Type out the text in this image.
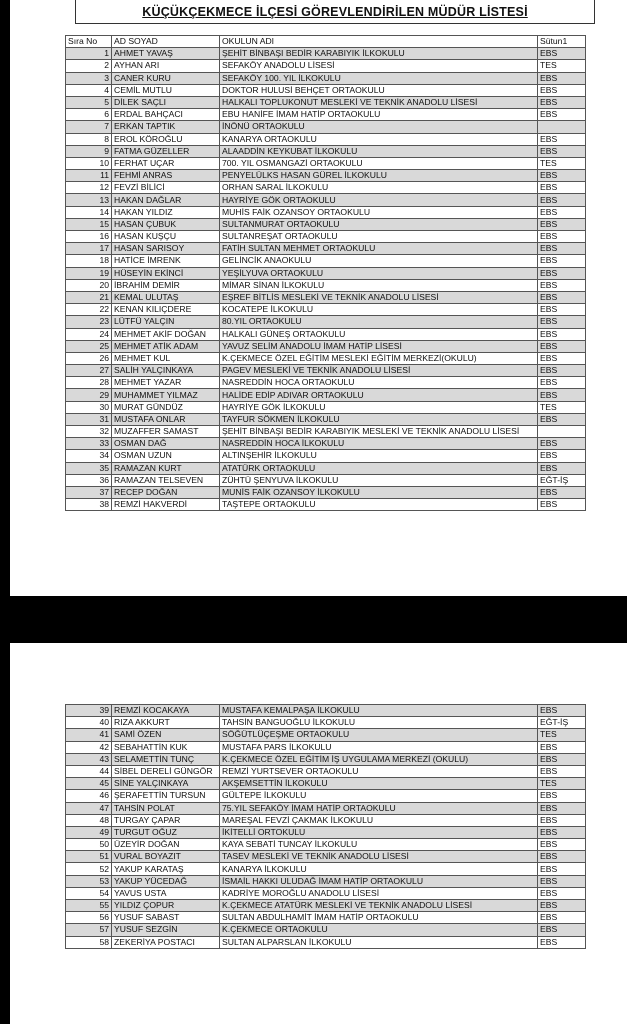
KÜÇÜKÇEKMECE İLÇESİ GÖREVLENDİRİLEN MÜDÜR LİSTESİ
Sıra No	AD SOYAD	OKULUN ADI	Sütun1
1	AHMET YAVAŞ	ŞEHİT BİNBAŞI BEDİR KARABIYIK İLKOKULU	EBS
2	AYHAN ARI	SEFAKÖY ANADOLU LİSESİ	TES
3	CANER KURU	SEFAKÖY 100. YIL İLKOKULU	EBS
4	CEMİL MUTLU	DOKTOR HULUSİ BEHÇET ORTAOKULU	EBS
5	DİLEK SAÇLI	HALKALI TOPLUKONUT MESLEKİ VE TEKNİK ANADOLU LİSESİ	EBS
6	ERDAL BAHÇACI	EBU HANİFE İMAM HATİP ORTAOKULU	EBS
7	ERKAN TAPTIK	İNÖNÜ ORTAOKULU	
8	EROL KÖROĞLU	KANARYA ORTAOKULU	EBS
9	FATMA GÜZELLER	ALAADDİN KEYKUBAT İLKOKULU	EBS
10	FERHAT UÇAR	700. YIL OSMANGAZİ ORTAOKULU	TES
11	FEHMİ ANRAS	PENYELÜLKS HASAN GÜREL İLKOKULU	EBS
12	FEVZİ BİLİCİ	ORHAN SARAL İLKOKULU	EBS
13	HAKAN DAĞLAR	HAYRİYE GÖK ORTAOKULU	EBS
14	HAKAN YILDIZ	MUHİS FAİK OZANSOY ORTAOKULU	EBS
15	HASAN ÇUBUK	SULTANMURAT ORTAOKULU	EBS
16	HASAN KUŞÇU	SULTANREŞAT ORTAOKULU	EBS
17	HASAN SARISOY	FATİH SULTAN MEHMET ORTAOKULU	EBS
18	HATİCE İMRENK	GELİNCİK ANAOKULU	EBS
19	HÜSEYİN EKİNCİ	YEŞİLYUVA ORTAOKULU	EBS
20	İBRAHİM DEMİR	MİMAR SİNAN İLKOKULU	EBS
21	KEMAL ULUTAŞ	EŞREF BİTLİS MESLEKİ VE TEKNİK ANADOLU LİSESİ	EBS
22	KENAN KILIÇDERE	KOCATEPE İLKOKULU	EBS
23	LÜTFÜ YALÇIN	80.YIL ORTAOKULU	EBS
24	MEHMET AKİF DOĞAN	HALKALI GÜNEŞ ORTAOKULU	EBS
25	MEHMET ATİK ADAM	YAVUZ SELİM ANADOLU İMAM HATİP LİSESİ	EBS
26	MEHMET KUL	K.ÇEKMECE ÖZEL EĞİTİM MESLEKİ EĞİTİM MERKEZİ(OKULU)	EBS
27	SALİH YALÇINKAYA	PAGEV MESLEKİ VE TEKNİK ANADOLU LİSESİ	EBS
28	MEHMET YAZAR	NASREDDİN HOCA ORTAOKULU	EBS
29	MUHAMMET YILMAZ	HALİDE EDİP ADIVAR ORTAOKULU	EBS
30	MURAT GÜNDÜZ	HAYRİYE GÖK İLKOKULU	TES
31	MUSTAFA ONLAR	TAYFUR SÖKMEN İLKOKULU	EBS
32	MUZAFFER SAMAST	ŞEHİT BİNBAŞI BEDİR KARABIYIK MESLEKİ VE TEKNİK ANADOLU LİSESİ	
33	OSMAN DAĞ	NASREDDİN HOCA İLKOKULU	EBS
34	OSMAN UZUN	ALTINŞEHİR İLKOKULU	EBS
35	RAMAZAN KURT	ATATÜRK ORTAOKULU	EBS
36	RAMAZAN TELSEVEN	ZÜHTÜ ŞENYUVA İLKOKULU	EĞT-İŞ
37	RECEP DOĞAN	MUNİS FAİK OZANSOY İLKOKULU	EBS
38	REMZİ HAKVERDİ	TAŞTEPE ORTAOKULU	EBS
39	REMZİ KOCAKAYA	MUSTAFA KEMALPAŞA İLKOKULU	EBS
40	RIZA AKKURT	TAHSİN BANGUOĞLU İLKOKULU	EĞT-İŞ
41	SAMİ ÖZEN	SÖĞÜTLÜÇEŞME ORTAOKULU	TES
42	SEBAHATTİN KUK	MUSTAFA PARS İLKOKULU	EBS
43	SELAMETTİN TUNÇ	K.ÇEKMECE ÖZEL EĞİTİM İŞ UYGULAMA MERKEZİ (OKULU)	EBS
44	SİBEL DERELİ GÜNGÖR	REMZİ YURTSEVER ORTAOKULU	EBS
45	SİNE YALÇINKAYA	AKŞEMSETTİN İLKOKULU	TES
46	ŞERAFETTİN TURSUN	GÜLTEPE İLKOKULU	EBS
47	TAHSİN POLAT	75.YIL SEFAKÖY İMAM HATİP ORTAOKULU	EBS
48	TURGAY ÇAPAR	MAREŞAL FEVZİ ÇAKMAK İLKOKULU	EBS
49	TURGUT OĞUZ	İKİTELLİ ORTOKULU	EBS
50	ÜZEYİR DOĞAN	KAYA SEBATİ TUNCAY İLKOKULU	EBS
51	VURAL BOYAZIT	TASEV MESLEKİ VE TEKNİK ANADOLU LİSESİ	EBS
52	YAKUP KARATAŞ	KANARYA İLKOKULU	EBS
53	YAKUP YÜCEDAĞ	İSMAİL HAKKI ULUDAĞ İMAM HATİP ORTAOKULU	EBS
54	YAVUS USTA	KADRİYE MOROĞLU ANADOLU LİSESİ	EBS
55	YILDIZ ÇOPUR	K.ÇEKMECE ATATÜRK MESLEKİ VE TEKNİK ANADOLU LİSESİ	EBS
56	YUSUF SABAST	SULTAN ABDULHAMİT İMAM HATİP ORTAOKULU	EBS
57	YUSUF SEZGİN	K.ÇEKMECE ORTAOKULU	EBS
58	ZEKERİYA POSTACI	SULTAN ALPARSLAN İLKOKULU	EBS
